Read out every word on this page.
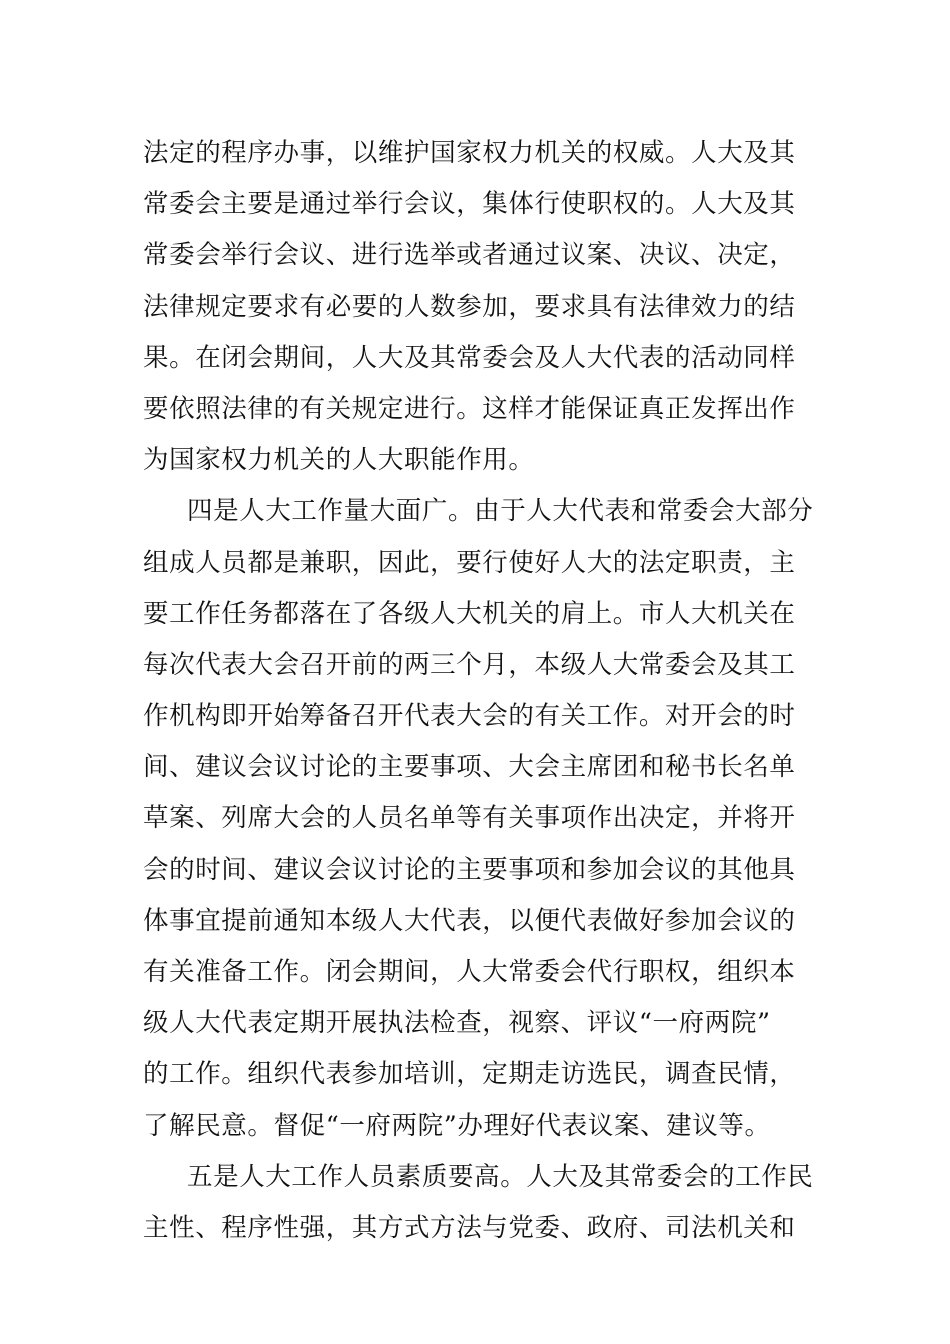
法定的程序办事，以维护国家权力机关的权威。人大及其
常委会主要是通过举行会议，集体行使职权的。人大及其
常委会举行会议、进行选举或者通过议案、决议、决定，
法律规定要求有必要的人数参加，要求具有法律效力的结
果。在闭会期间，人大及其常委会及人大代表的活动同样
要依照法律的有关规定进行。这样才能保证真正发挥出作
为国家权力机关的人大职能作用。
四是人大工作量大面广。由于人大代表和常委会大部分
组成人员都是兼职，因此，要行使好人大的法定职责，主
要工作任务都落在了各级人大机关的肩上。市人大机关在
每次代表大会召开前的两三个月，本级人大常委会及其工
作机构即开始筹备召开代表大会的有关工作。对开会的时
间、建议会议讨论的主要事项、大会主席团和秘书长名单
草案、列席大会的人员名单等有关事项作出决定，并将开
会的时间、建议会议讨论的主要事项和参加会议的其他具
体事宜提前通知本级人大代表，以便代表做好参加会议的
有关准备工作。闭会期间，人大常委会代行职权，组织本
级人大代表定期开展执法检查，视察、评议“一府两院”
的工作。组织代表参加培训，定期走访选民，调查民情，
了解民意。督促“一府两院”办理好代表议案、建议等。
五是人大工作人员素质要高。人大及其常委会的工作民
主性、程序性强，其方式方法与党委、政府、司法机关和
